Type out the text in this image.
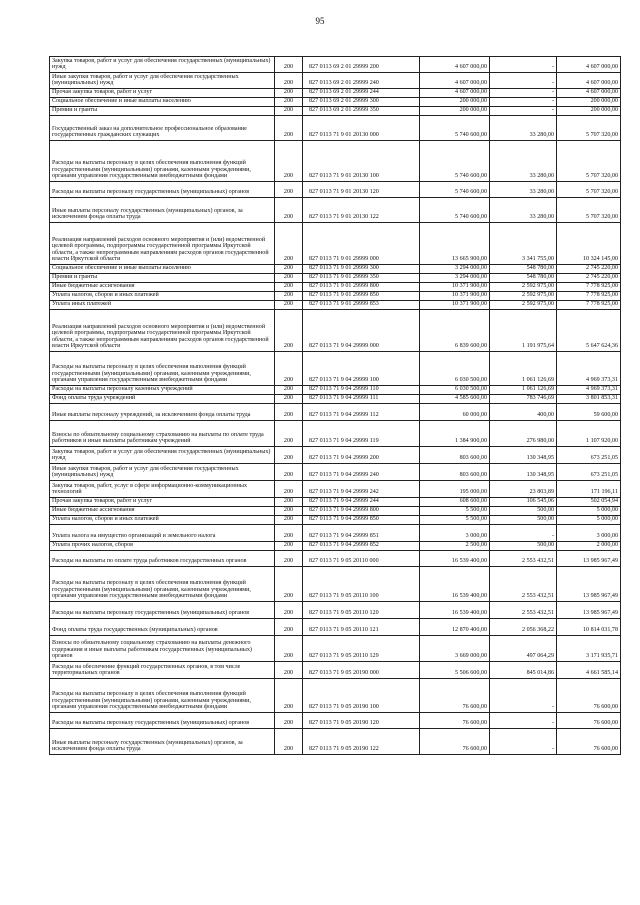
95
Закупка товаров, работ и услуг для обеспечения государственных (муниципальных) нужд	200	827 0113 69 2 01 29999 200	4 607 000,00	-	4 607 000,00
Иные закупки товаров, работ и услуг для обеспечения государственных (муниципальных) нужд	200	827 0113 69 2 01 29999 240	4 607 000,00	-	4 607 000,00
Прочая закупка товаров, работ и услуг	200	827 0113 69 2 01 29999 244	4 607 000,00	-	4 607 000,00
Социальное обеспечение и иные выплаты населению	200	827 0113 69 2 01 29999 300	200 000,00	-	200 000,00
Премии и гранты	200	827 0113 69 2 01 29999 350	200 000,00	-	200 000,00
Государственный заказ на дополнительное профессиональное образование государственных гражданских служащих	200	827 0113 71 9 01 20130 000	5 740 600,00	33 280,00	5 707 320,00
Расходы на выплаты персоналу в целях обеспечения выполнения функций государственными (муниципальными) органами, казенными учреждениями, органами управления государственными внебюджетными фондами	200	827 0113 71 9 01 20130 100	5 740 600,00	33 280,00	5 707 320,00
Расходы на выплаты персоналу государственных (муниципальных) органов	200	827 0113 71 9 01 20130 120	5 740 600,00	33 280,00	5 707 320,00
Иные выплаты персоналу государственных (муниципальных) органов, за исключением фонда оплаты труда	200	827 0113 71 9 01 20130 122	5 740 600,00	33 280,00	5 707 320,00
Реализация направлений расходов основного мероприятия и (или) ведомственной целевой программы, подпрограммы государственной программы Иркутской области, а также непрограммным направлениям расходов органов государственной власти Иркутской области	200	827 0113 71 9 01 29999 000	13 665 900,00	3 341 755,00	10 324 145,00
Социальное обеспечение и иные выплаты населению	200	827 0113 71 9 01 29999 300	3 294 000,00	548 780,00	2 745 220,00
Премии и гранты	200	827 0113 71 9 01 29999 350	3 294 000,00	548 780,00	2 745 220,00
Иные бюджетные ассигнования	200	827 0113 71 9 01 29999 800	10 371 900,00	2 592 975,00	7 778 925,00
Уплата налогов, сборов и иных платежей	200	827 0113 71 9 01 29999 850	10 371 900,00	2 592 975,00	7 778 925,00
Уплата иных платежей	200	827 0113 71 9 01 29999 853	10 371 900,00	2 592 975,00	7 778 925,00
Реализация направлений расходов основного мероприятия и (или) ведомственной целевой программы, подпрограммы государственной программы Иркутской области, а также непрограммным направлениям расходов органов государственной власти Иркутской области	200	827 0113 71 9 04 29999 000	6 839 600,00	1 191 975,64	5 647 624,36
Расходы на выплаты персоналу в целях обеспечения выполнения функций государственными (муниципальными) органами, казенными учреждениями, органами управления государственными внебюджетными фондами	200	827 0113 71 9 04 29999 100	6 030 500,00	1 061 126,69	4 969 373,31
Расходы на выплаты персоналу казенных учреждений	200	827 0113 71 9 04 29999 110	6 030 500,00	1 061 126,69	4 969 373,31
Фонд оплаты труда учреждений	200	827 0113 71 9 04 29999 111	4 585 600,00	783 746,69	3 801 853,31
Иные выплаты персоналу учреждений, за исключением фонда оплаты труда	200	827 0113 71 9 04 29999 112	60 000,00	400,00	59 600,00
Взносы по обязательному социальному страхованию на выплаты по оплате труда работников и иные выплаты работникам учреждений	200	827 0113 71 9 04 29999 119	1 384 900,00	276 980,00	1 107 920,00
Закупка товаров, работ и услуг для обеспечения государственных (муниципальных) нужд	200	827 0113 71 9 04 29999 200	803 600,00	130 348,95	673 251,05
Иные закупки товаров, работ и услуг для обеспечения государственных (муниципальных) нужд	200	827 0113 71 9 04 29999 240	803 600,00	130 348,95	673 251,05
Закупка товаров, работ, услуг в сфере информационно-коммуникационных технологий	200	827 0113 71 9 04 29999 242	195 000,00	23 803,89	171 196,11
Прочая закупка товаров, работ и услуг	200	827 0113 71 9 04 29999 244	608 600,00	106 545,06	502 054,94
Иные бюджетные ассигнования	200	827 0113 71 9 04 29999 800	5 500,00	500,00	5 000,00
Уплата налогов, сборов и иных платежей	200	827 0113 71 9 04 29999 850	5 500,00	500,00	5 000,00
Уплата налога на имущество организаций и земельного налога	200	827 0113 71 9 04 29999 851	3 000,00	-	3 000,00
Уплата прочих налогов, сборов	200	827 0113 71 9 04 29999 852	2 500,00	500,00	2 000,00
Расходы на выплаты по оплате труда работников государственных органов	200	827 0113 71 9 05 20110 000	16 539 400,00	2 553 432,51	13 985 967,49
Расходы на выплаты персоналу в целях обеспечения выполнения функций государственными (муниципальными) органами, казенными учреждениями, органами управления государственными внебюджетными фондами	200	827 0113 71 9 05 20110 100	16 539 400,00	2 553 432,51	13 985 967,49
Расходы на выплаты персоналу государственных (муниципальных) органов	200	827 0113 71 9 05 20110 120	16 539 400,00	2 553 432,51	13 985 967,49
Фонд оплаты труда государственных (муниципальных) органов	200	827 0113 71 9 05 20110 121	12 870 400,00	2 056 368,22	10 814 031,78
Взносы по обязательному социальному страхованию на выплаты денежного содержания и иные выплаты работникам государственных (муниципальных) органов	200	827 0113 71 9 05 20110 129	3 669 000,00	497 064,29	3 171 935,71
Расходы на обеспечение функций государственных органов, в том числе территориальных органов	200	827 0113 71 9 05 20190 000	5 506 600,00	845 014,86	4 661 585,14
Расходы на выплаты персоналу в целях обеспечения выполнения функций государственными (муниципальными) органами, казенными учреждениями, органами управления государственными внебюджетными фондами	200	827 0113 71 9 05 20190 100	76 600,00	-	76 600,00
Расходы на выплаты персоналу государственных (муниципальных) органов	200	827 0113 71 9 05 20190 120	76 600,00	-	76 600,00
Иные выплаты персоналу государственных (муниципальных) органов, за исключением фонда оплаты труда	200	827 0113 71 9 05 20190 122	76 600,00	-	76 600,00
